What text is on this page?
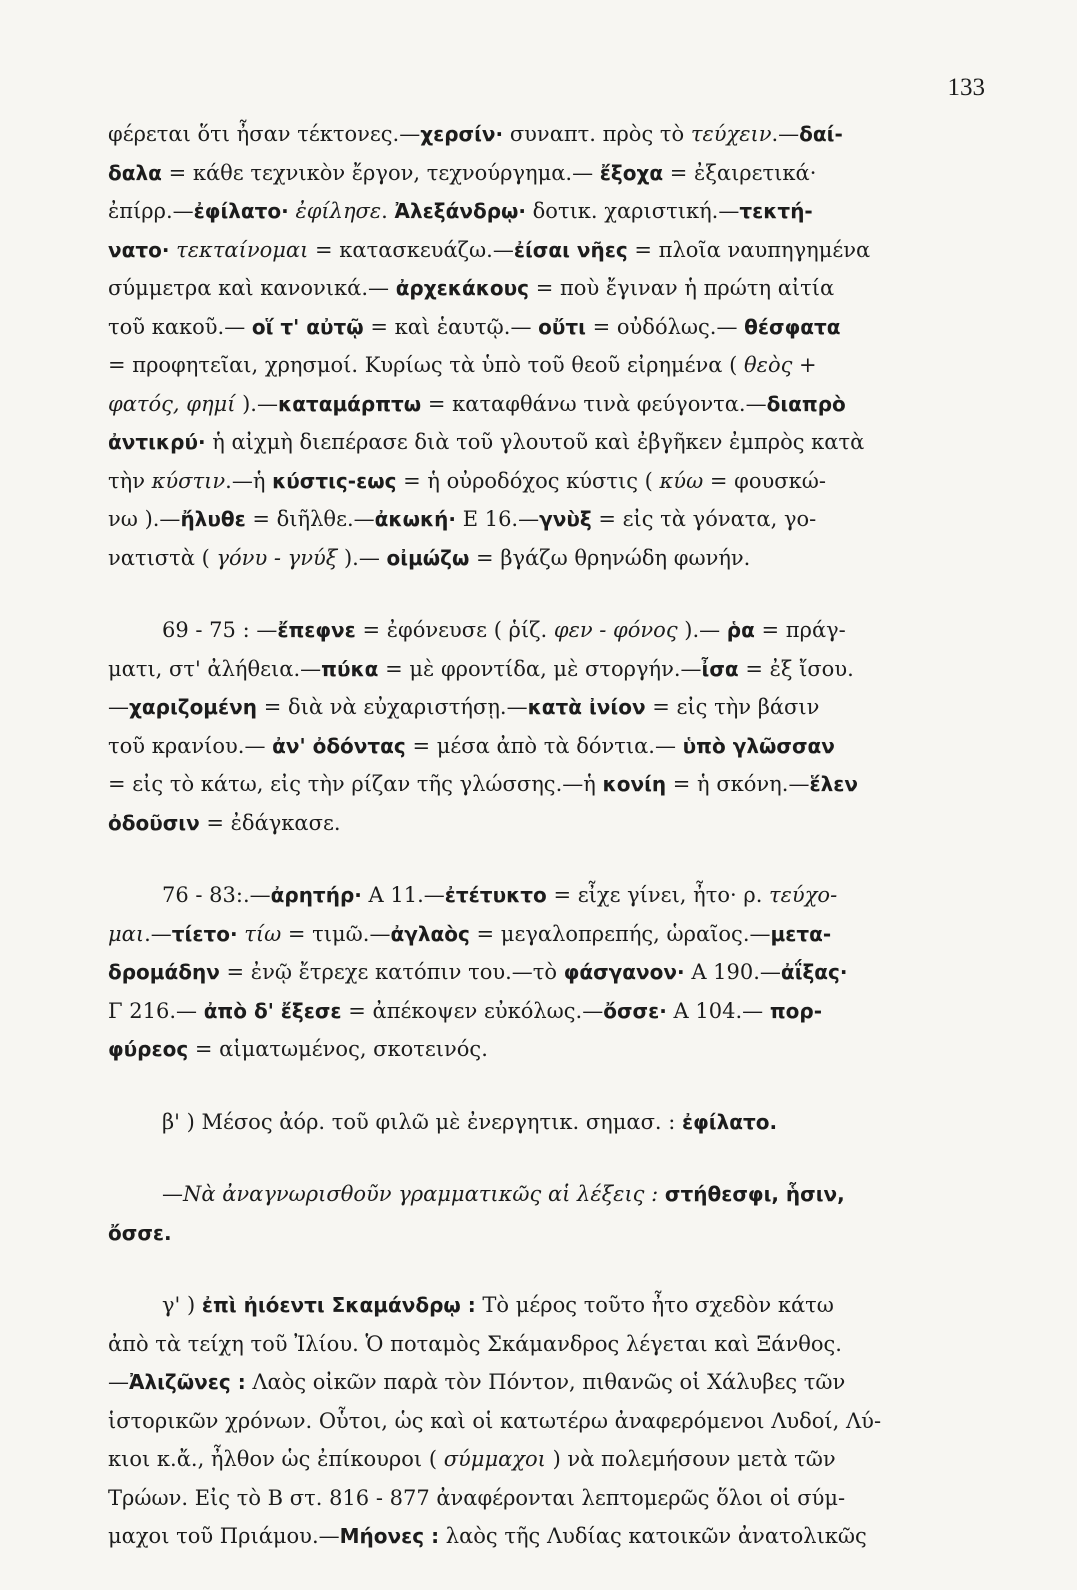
133

φέρεται ὅτι ἦσαν τέκτονες.—χερσίν· συναπτ. πρὸς τὸ τεύχειν.—δαί-
δαλα = κάθε τεχνικὸν ἔργον, τεχνούργημα.— ἔξοχα = ἐξαιρετικά·
ἐπίρρ.—ἐφίλατο· ἐφίλησε. Ἀλεξάνδρῳ· δοτικ. χαριστική.—τεκτή-
νατο· τεκταίνομαι = κατασκευάζω.—ἐίσαι νῆες = πλοῖα ναυπηγημένα
σύμμετρα καὶ κανονικά.— ἀρχεκάκους = ποὺ ἔγιναν ἡ πρώτη αἰτία
τοῦ κακοῦ.— οἵ τ' αὐτῷ = καὶ ἑαυτῷ.— οὔτι = οὐδόλως.— θέσφατα
= προφητεῖαι, χρησμοί. Κυρίως τὰ ὑπὸ τοῦ θεοῦ εἰρημένα ( θεὸς +
φατός, φημί ).—καταμάρπτω = καταφθάνω τινὰ φεύγοντα.—διαπρὸ
ἀντικρύ· ἡ αἰχμὴ διεπέρασε διὰ τοῦ γλουτοῦ καὶ ἐβγῆκεν ἐμπρὸς κατὰ
τὴν κύστιν.—ἡ κύστις-εως = ἡ οὐροδόχος κύστις ( κύω = φουσκώ-
νω ).—ἤλυθε = διῆλθε.—ἀκωκή· Ε 16.—γνὺξ = εἰς τὰ γόνατα, γο-
νατιστὰ ( γόνυ - γνύξ ).— οἰμώζω = βγάζω θρηνώδη φωνήν.

69 - 75 : —ἔπεφνε = ἐφόνευσε ( ῥίζ. φεν - φόνος ).— ῥα = πράγ-
ματι, στ' ἀλήθεια.—πύκα = μὲ φροντίδα, μὲ στοργήν.—ἶσα = ἐξ ἴσου.
—χαριζομένη = διὰ νὰ εὐχαριστήσῃ.—κατὰ ἰνίον = εἰς τὴν βάσιν
τοῦ κρανίου.— ἀν' ὀδόντας = μέσα ἀπὸ τὰ δόντια.— ὑπὸ γλῶσσαν
= εἰς τὸ κάτω, εἰς τὴν ρίζαν τῆς γλώσσης.—ἡ κονίη = ἡ σκόνη.—ἕλεν
ὀδοῦσιν = ἐδάγκασε.

76 - 83:.—ἀρητήρ· Α 11.—ἐτέτυκτο = εἶχε γίνει, ἦτο· ρ. τεύχο-
μαι.—τίετο· τίω = τιμῶ.—ἀγλαὸς = μεγαλοπρεπής, ὡραῖος.—μετα-
δρομάδην = ἐνῷ ἔτρεχε κατόπιν του.—τὸ φάσγανον· Α 190.—ἀΐξας·
Γ 216.— ἀπὸ δ' ἔξεσε = ἀπέκοψεν εὐκόλως.—ὄσσε· Α 104.— πορ-
φύρεος = αἱματωμένος, σκοτεινός.

β' ) Μέσος ἀόρ. τοῦ φιλῶ μὲ ἐνεργητικ. σημασ. : ἐφίλατο.

—Νὰ ἀναγνωρισθοῦν γραμματικῶς αἱ λέξεις : στήθεσφι, ἧσιν,
ὄσσε.

γ' ) ἐπὶ ἠιόεντι Σκαμάνδρῳ : Τὸ μέρος τοῦτο ἦτο σχεδὸν κάτω
ἀπὸ τὰ τείχη τοῦ Ἰλίου. Ὁ ποταμὸς Σκάμανδρος λέγεται καὶ Ξάνθος.
—Ἀλιζῶνες : Λαὸς οἰκῶν παρὰ τὸν Πόντον, πιθανῶς οἱ Χάλυβες τῶν
ἱστορικῶν χρόνων. Οὗτοι, ὡς καὶ οἱ κατωτέρω ἀναφερόμενοι Λυδοί, Λύ-
κιοι κ.ἄ., ἦλθον ὡς ἐπίκουροι ( σύμμαχοι ) νὰ πολεμήσουν μετὰ τῶν
Τρώων. Εἰς τὸ Β στ. 816 - 877 ἀναφέρονται λεπτομερῶς ὅλοι οἱ σύμ-
μαχοι τοῦ Πριάμου.—Μήονες : λαὸς τῆς Λυδίας κατοικῶν ἀνατολικῶς
